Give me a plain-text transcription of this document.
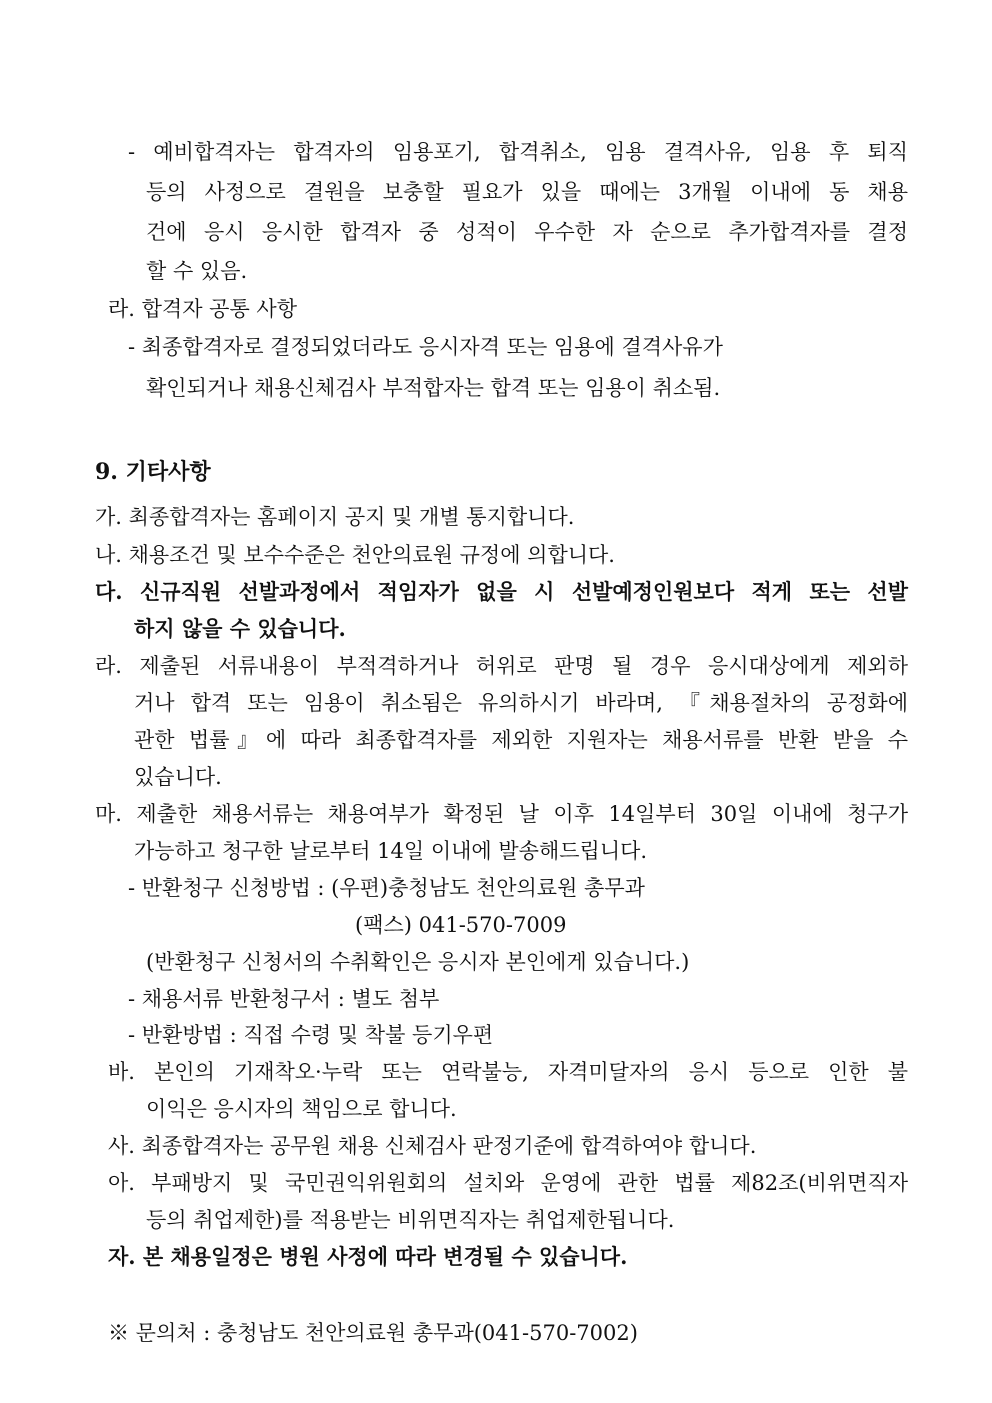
- 예비합격자는 합격자의 임용포기, 합격취소, 임용 결격사유, 임용 후 퇴직
등의 사정으로 결원을 보충할 필요가 있을 때에는 3개월 이내에 동 채용
건에 응시 응시한 합격자 중 성적이 우수한 자 순으로 추가합격자를 결정
할 수 있음.
라. 합격자 공통 사항
- 최종합격자로 결정되었더라도 응시자격 또는 임용에 결격사유가
확인되거나 채용신체검사 부적합자는 합격 또는 임용이 취소됨.
9. 기타사항
가. 최종합격자는 홈페이지 공지 및 개별 통지합니다.
나. 채용조건 및 보수수준은 천안의료원 규정에 의합니다.
다. 신규직원 선발과정에서 적임자가 없을 시 선발예정인원보다 적게 또는 선발
하지 않을 수 있습니다.
라. 제출된 서류내용이 부적격하거나 허위로 판명 될 경우 응시대상에게 제외하
거나 합격 또는 임용이 취소됨은 유의하시기 바라며, 『채용절차의 공정화에
관한 법률』에 따라 최종합격자를 제외한 지원자는 채용서류를 반환 받을 수
있습니다.
마. 제출한 채용서류는 채용여부가 확정된 날 이후 14일부터 30일 이내에 청구가
가능하고 청구한 날로부터 14일 이내에 발송해드립니다.
- 반환청구 신청방법 : (우편)충청남도 천안의료원 총무과
(팩스) 041-570-7009
(반환청구 신청서의 수취확인은 응시자 본인에게 있습니다.)
- 채용서류 반환청구서 : 별도 첨부
- 반환방법 : 직접 수령 및 착불 등기우편
바. 본인의 기재착오·누락 또는 연락불능, 자격미달자의 응시 등으로 인한 불
이익은 응시자의 책임으로 합니다.
사. 최종합격자는 공무원 채용 신체검사 판정기준에 합격하여야 합니다.
아. 부패방지 및 국민권익위원회의 설치와 운영에 관한 법률 제82조(비위면직자
등의 취업제한)를 적용받는 비위면직자는 취업제한됩니다.
자. 본 채용일정은 병원 사정에 따라 변경될 수 있습니다.
※ 문의처 : 충청남도 천안의료원 총무과(041-570-7002)
